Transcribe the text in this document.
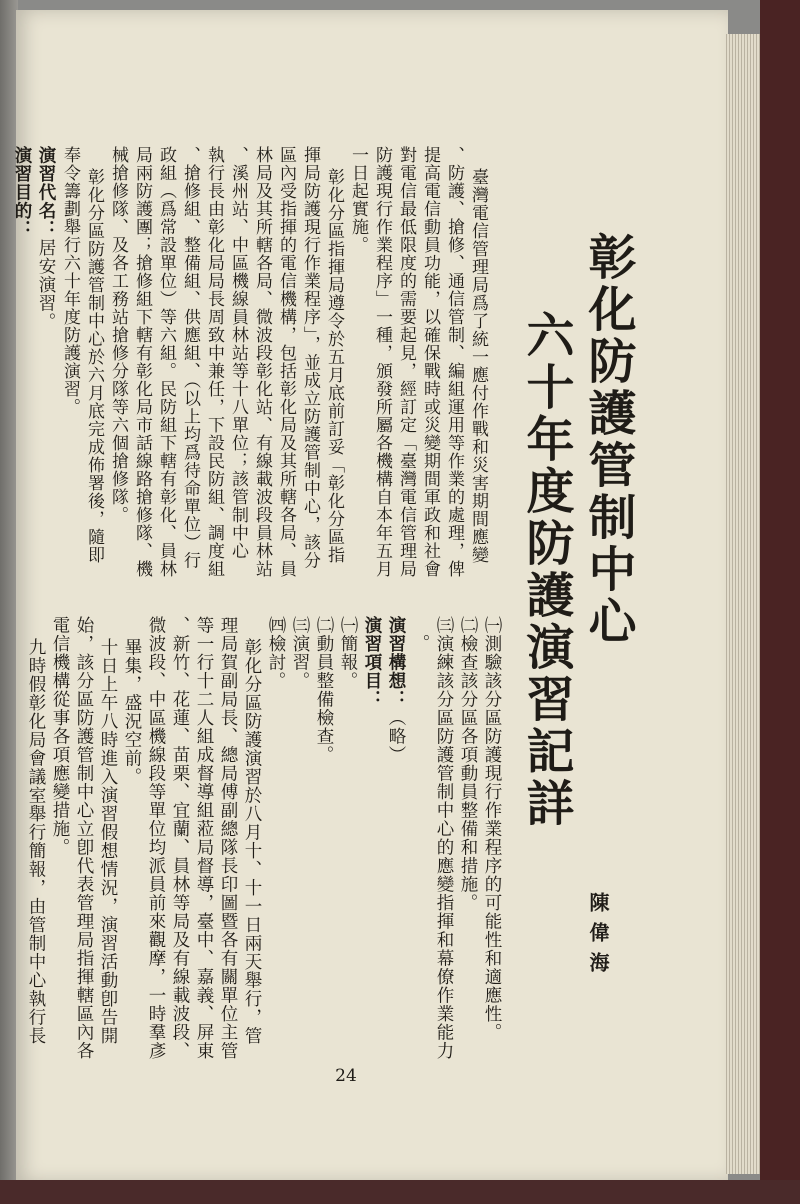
彰化防護管制中心
六十年度防護演習記詳
陳偉海
㈠測驗該分區防護現行作業程序的可能性和適應性。
㈡檢查該分區各項動員整備和措施。
㈢演練該分區防護管制中心的應變指揮和幕僚作業能力
。
演習構想：（略）
演習項目：
㈠簡報。
㈡動員整備檢查。
㈢演習。
㈣檢討。
彰化分區防護演習於八月十、十一日兩天舉行，管
理局賀副局長、總局傅副總隊長印圖暨各有關單位主管
等一行十二人組成督導組蒞局督導，臺中、嘉義、屏東
、新竹、花蓮、苗栗、宜蘭、員林等局及有線載波段、
微波段、中區機線段等單位均派員前來觀摩，一時羣彥
畢集，盛況空前。
十日上午八時進入演習假想情況，演習活動卽告開
臺灣電信管理局爲了統一應付作戰和災害期間應變
、防護、搶修、通信管制、編組運用等作業的處理，俾
提高電信動員功能，以確保戰時或災變期間軍政和社會
對電信最低限度的需要起見，經訂定「臺灣電信管理局
防護現行作業程序」一種，頒發所屬各機構自本年五月
一日起實施。
彰化分區指揮局遵令於五月底前訂妥「彰化分區指
揮局防護現行作業程序」，並成立防護管制中心，該分
區內受指揮的電信機構，包括彰化局及其所轄各局、員
林局及其所轄各局、微波段彰化站、有線載波段員林站
、溪州站、中區機線員林站等十八單位；該管制中心
執行長由彰化局局長周致中兼任，下設民防組、調度組
、搶修組、整備組、供應組、（以上均爲待命單位）行
政組（爲常設單位）等六組。民防組下轄有彰化、員林
局兩防護團；搶修組下轄有彰化局市話線路搶修隊、機
械搶修隊、及各工務站搶修分隊等六個搶修隊。
24
彰化分區防護管制中心於六月底完成佈署後，隨即
奉令籌劃舉行六十年度防護演習。
演習代名：居安演習。
演習目的：
始，該分區防護管制中心立卽代表管理局指揮轄區內各
電信機構從事各項應變措施。
九時假彰化局會議室舉行簡報，由管制中心執行長
